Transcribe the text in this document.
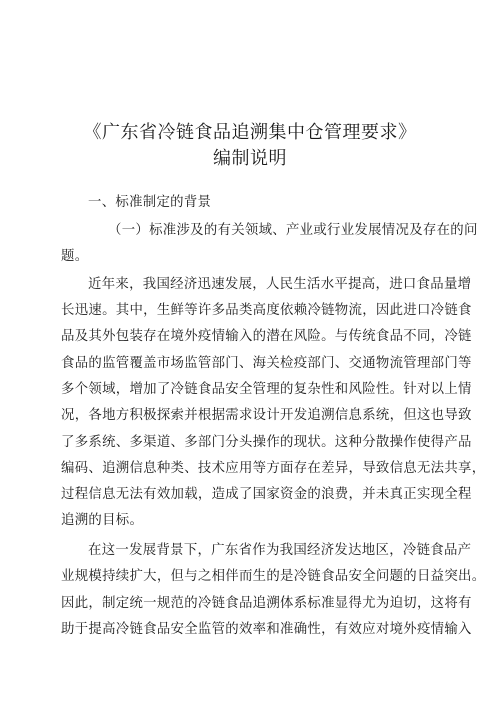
《广东省冷链食品追溯集中仓管理要求》
编制说明
一、标准制定的背景
（一）标准涉及的有关领域、产业或行业发展情况及存在的问
题。
近年来，我国经济迅速发展，人民生活水平提高，进口食品量增
长迅速。其中，生鲜等许多品类高度依赖冷链物流，因此进口冷链食
品及其外包装存在境外疫情输入的潜在风险。与传统食品不同，冷链
食品的监管覆盖市场监管部门、海关检疫部门、交通物流管理部门等
多个领域，增加了冷链食品安全管理的复杂性和风险性。针对以上情
况，各地方积极探索并根据需求设计开发追溯信息系统，但这也导致
了多系统、多渠道、多部门分头操作的现状。这种分散操作使得产品
编码、追溯信息种类、技术应用等方面存在差异，导致信息无法共享，
过程信息无法有效加载，造成了国家资金的浪费，并未真正实现全程
追溯的目标。
在这一发展背景下，广东省作为我国经济发达地区，冷链食品产
业规模持续扩大，但与之相伴而生的是冷链食品安全问题的日益突出。
因此，制定统一规范的冷链食品追溯体系标准显得尤为迫切，这将有
助于提高冷链食品安全监管的效率和准确性，有效应对境外疫情输入
